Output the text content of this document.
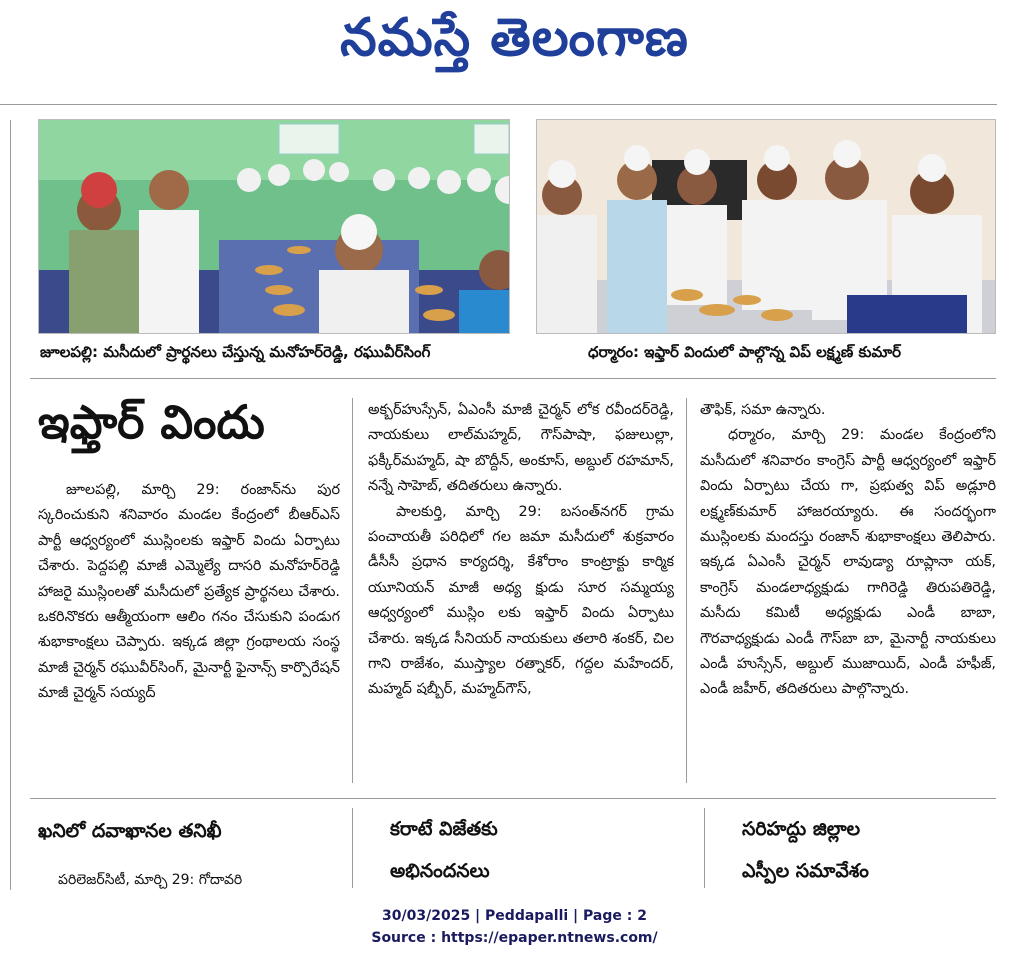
నమస్తే తెలంగాణ
జూలపల్లి: మసీదులో ప్రార్థనలు చేస్తున్న మనోహర్‌రెడ్డి, రఘువీర్‌సింగ్	ధర్మారం: ఇఫ్తార్ విందులో పాల్గొన్న విప్ లక్ష్మణ్ కుమార్
ఇఫ్తార్ విందు

జూలపల్లి, మార్చి 29: రంజాన్‌ను పుర స్కరించుకుని శనివారం మండల కేంద్రంలో బీఆర్‌ఎస్ పార్టీ ఆధ్వర్యంలో ముస్లింలకు ఇఫ్తార్ విందు ఏర్పాటు చేశారు. పెద్దపల్లి మాజీ ఎమ్మెల్యే దాసరి మనోహర్‌రెడ్డి హాజరై ముస్లింలతో మసీదులో ప్రత్యేక ప్రార్థనలు చేశారు. ఒకరినొకరు ఆత్మీయంగా ఆలిం గనం చేసుకుని పండుగ శుభాకాంక్షలు చెప్పారు. ఇక్కడ జిల్లా గ్రంథాలయ సంస్థ మాజీ చైర్మన్ రఘువీర్‌సింగ్, మైనార్టీ ఫైనాన్స్ కార్పొరేషన్ మాజీ చైర్మన్ సయ్యద్

అక్బర్‌హుస్సేన్, ఏఎంసీ మాజీ చైర్మన్ లోక రవీందర్‌రెడ్డి, నాయకులు లాల్‌మహ్మద్, గౌస్‌పాషా, ఫజులుల్లా, ఫక్కీర్‌మహ్మద్, షా బొద్దీన్, అంకూస్, అబ్దుల్ రహమాన్, నన్నే సాహెబ్, తదితరులు ఉన్నారు.

పాలకుర్తి, మార్చి 29: బసంత్‌నగర్ గ్రామ పంచాయతీ పరిధిలో గల జమా మసీదులో శుక్రవారం డీసీసీ ప్రధాన కార్యదర్శి, కేశోరాం కాంట్రాక్టు కార్మిక యూనియన్ మాజీ అధ్య క్షుడు సూర సమ్మయ్య ఆధ్వర్యంలో ముస్లిం లకు ఇఫ్తార్ విందు ఏర్పాటు చేశారు. ఇక్కడ సీనియర్ నాయకులు తలారి శంకర్, చిల గాని రాజేశం, ముస్త్యాల రత్నాకర్, గద్దల మహేందర్, మహ్మద్ షబ్బీర్, మహ్మద్‌గౌస్,

తౌఫిక్, సమా ఉన్నారు.

ధర్మారం, మార్చి 29: మండల కేంద్రంలోని మసీదులో శనివారం కాంగ్రెస్ పార్టీ ఆధ్వర్యంలో ఇఫ్తార్ విందు ఏర్పాటు చేయ గా, ప్రభుత్వ విప్ అడ్లూరి లక్ష్మణ్‌కుమార్ హాజరయ్యారు. ఈ సందర్భంగా ముస్లింలకు మందస్తు రంజాన్ శుభాకాంక్షలు తెలిపారు. ఇక్కడ ఏఎంసీ చైర్మన్ లావుడ్యా రూప్లానా యక్, కాంగ్రెస్ మండలాధ్యక్షుడు గాగిరెడ్డి తిరుపతిరెడ్డి, మసీదు కమిటీ అధ్యక్షుడు ఎండీ బాబా, గౌరవాధ్యక్షుడు ఎండీ గౌస్‌బా బా, మైనార్టీ నాయకులు ఎండీ హుస్సేన్, అబ్దుల్ ముజాయిద్, ఎండీ హఫీజ్, ఎండీ జహీర్, తదితరులు పాల్గొన్నారు.

ఖనిలో దవాఖానల తనిఖీ
పరిలెజర్‌సిటీ, మార్చి 29: గోదావరి
కరాటే విజేతకు
అభినందనలు
సరిహద్దు జిల్లాల
ఎస్పీల సమావేశం
30/03/2025 | Peddapalli | Page : 2
Source : https://epaper.ntnews.com/
